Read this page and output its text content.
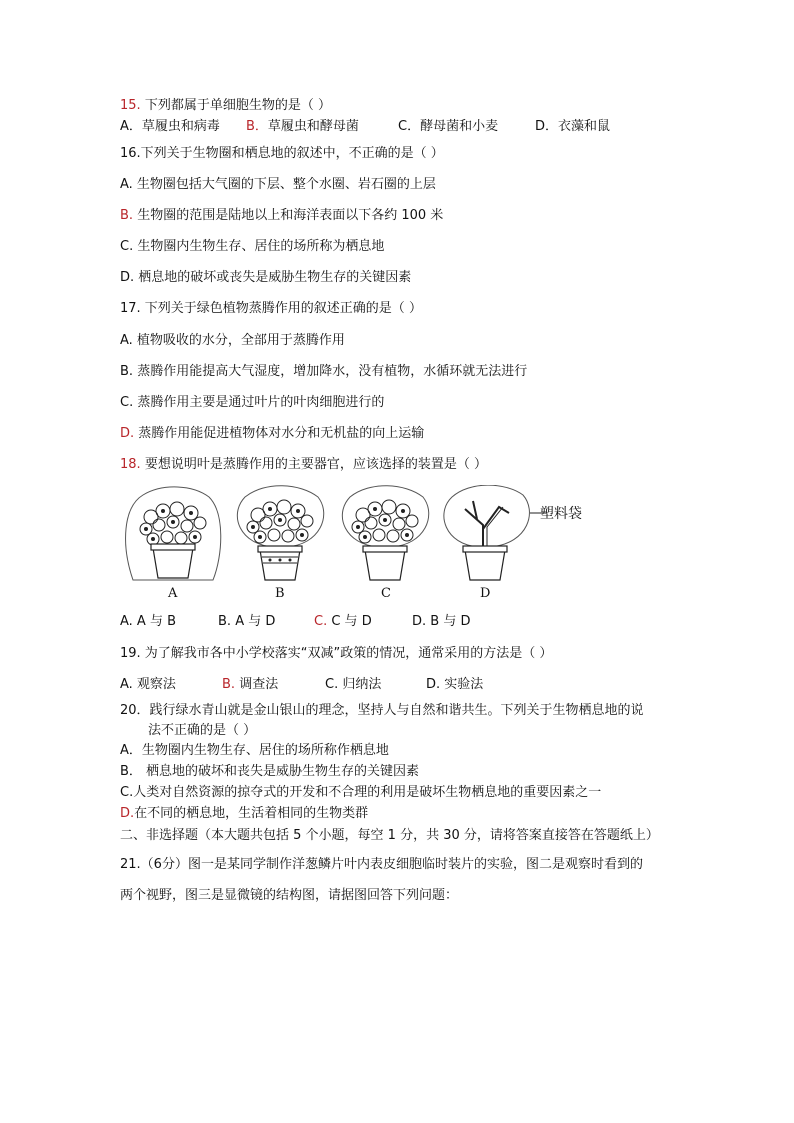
15. 下列都属于单细胞生物的是（ ）
A．草履虫和病毒 B．草履虫和酵母菌	C．酵母菌和小麦	D．衣藻和鼠
16.下列关于生物圈和栖息地的叙述中，不正确的是（ ）
A. 生物圈包括大气圈的下层、整个水圈、岩石圈的上层
B. 生物圈的范围是陆地以上和海洋表面以下各约 100 米
C. 生物圈内生物生存、居住的场所称为栖息地
D. 栖息地的破坏或丧失是威胁生物生存的关键因素
17. 下列关于绿色植物蒸腾作用的叙述正确的是（ ）
A. 植物吸收的水分，全部用于蒸腾作用
B. 蒸腾作用能提高大气湿度，增加降水，没有植物，水循环就无法进行
C. 蒸腾作用主要是通过叶片的叶肉细胞进行的
D. 蒸腾作用能促进植物体对水分和无机盐的向上运输
18. 要想说明叶是蒸腾作用的主要器官，应该选择的装置是（ ）
A	B	C	D
塑料袋
A. A 与 B	B. A 与 D	C. C 与 D	D. B 与 D
19. 为了解我市各中小学校落实“双减”政策的情况，通常采用的方法是（ ）
A. 观察法	B. 调查法	C. 归纳法	D. 实验法
20．践行绿水青山就是金山银山的理念，坚持人与自然和谐共生。下列关于生物栖息地的说
法不正确的是（ ）
A．生物圈内生物生存、居住的场所称作栖息地
B． 栖息地的破坏和丧失是威胁生物生存的关键因素
C.人类对自然资源的掠夺式的开发和不合理的利用是破坏生物栖息地的重要因素之一
D.在不同的栖息地，生活着相同的生物类群
二、非选择题（本大题共包括 5 个小题，每空 1 分，共 30 分，请将答案直接答在答题纸上）
21.（6分）图一是某同学制作洋葱鳞片叶内表皮细胞临时装片的实验，图二是观察时看到的
两个视野，图三是显微镜的结构图，请据图回答下列问题：
